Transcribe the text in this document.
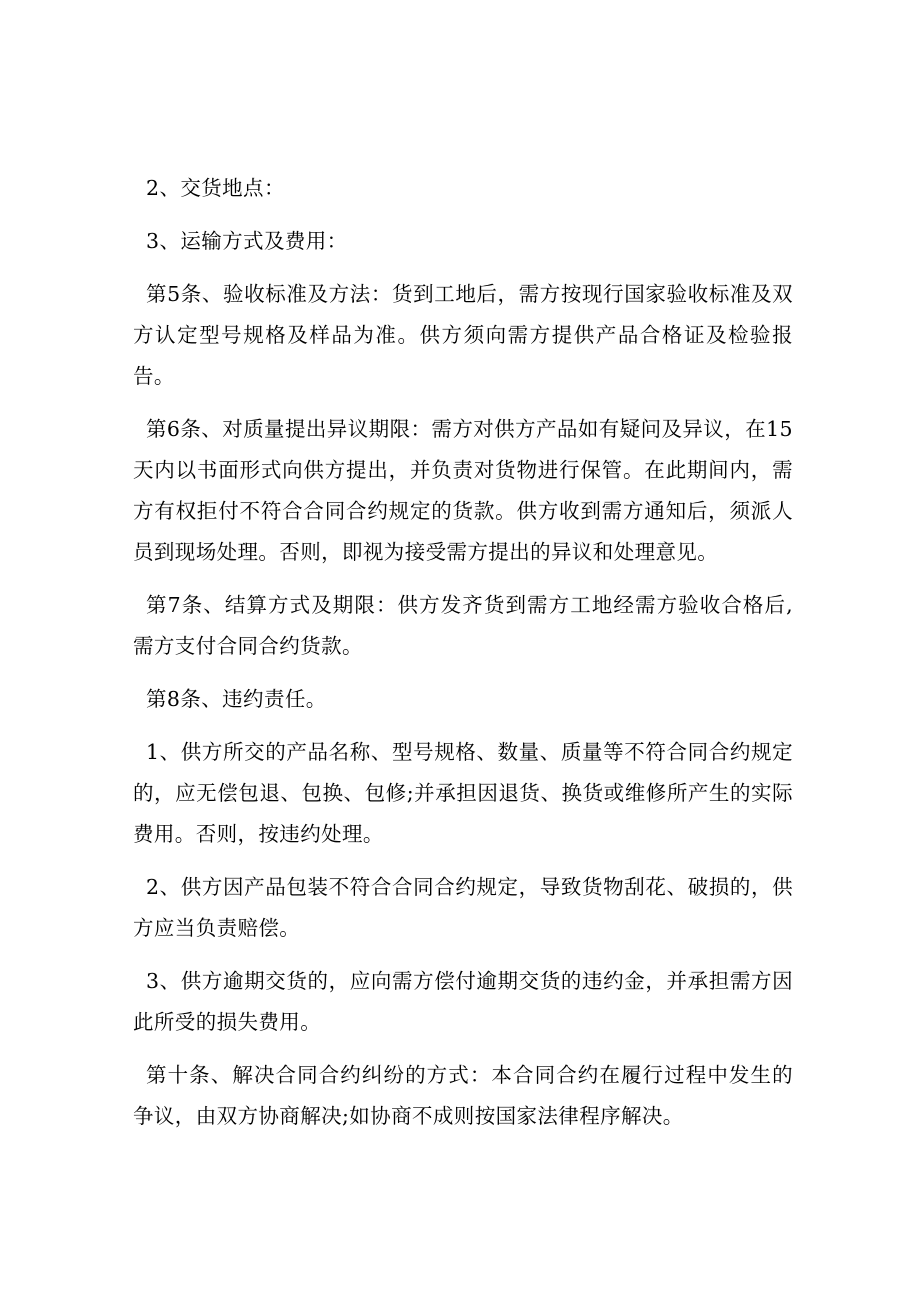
2、交货地点：

3、运输方式及费用：

第5条、验收标准及方法：货到工地后，需方按现行国家验收标准及双方认定型号规格及样品为准。供方须向需方提供产品合格证及检验报告。

第6条、对质量提出异议期限：需方对供方产品如有疑问及异议，在15天内以书面形式向供方提出，并负责对货物进行保管。在此期间内，需方有权拒付不符合合同合约规定的货款。供方收到需方通知后，须派人员到现场处理。否则，即视为接受需方提出的异议和处理意见。

第7条、结算方式及期限：供方发齐货到需方工地经需方验收合格后,需方支付合同合约货款。

第8条、违约责任。

1、供方所交的产品名称、型号规格、数量、质量等不符合同合约规定的，应无偿包退、包换、包修;并承担因退货、换货或维修所产生的实际费用。否则，按违约处理。

2、供方因产品包装不符合合同合约规定，导致货物刮花、破损的，供方应当负责赔偿。

3、供方逾期交货的，应向需方偿付逾期交货的违约金，并承担需方因此所受的损失费用。

第十条、解决合同合约纠纷的方式：本合同合约在履行过程中发生的争议，由双方协商解决;如协商不成则按国家法律程序解决。
